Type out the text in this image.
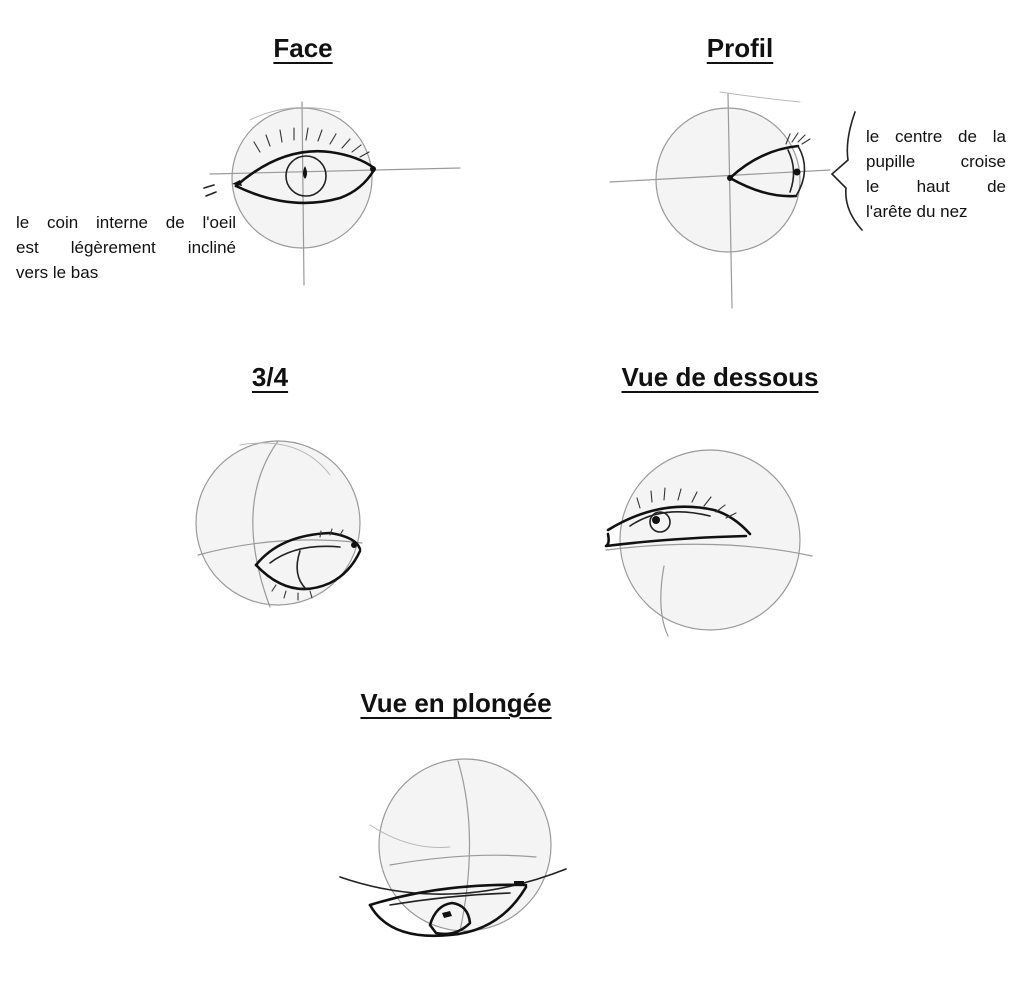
Face	Profil
3/4	Vue de dessous
Vue en plongée
le coin interne de l'oeil
est légèrement incliné
vers le bas
le centre de la
pupille croise
le haut de
l'arête du nez
